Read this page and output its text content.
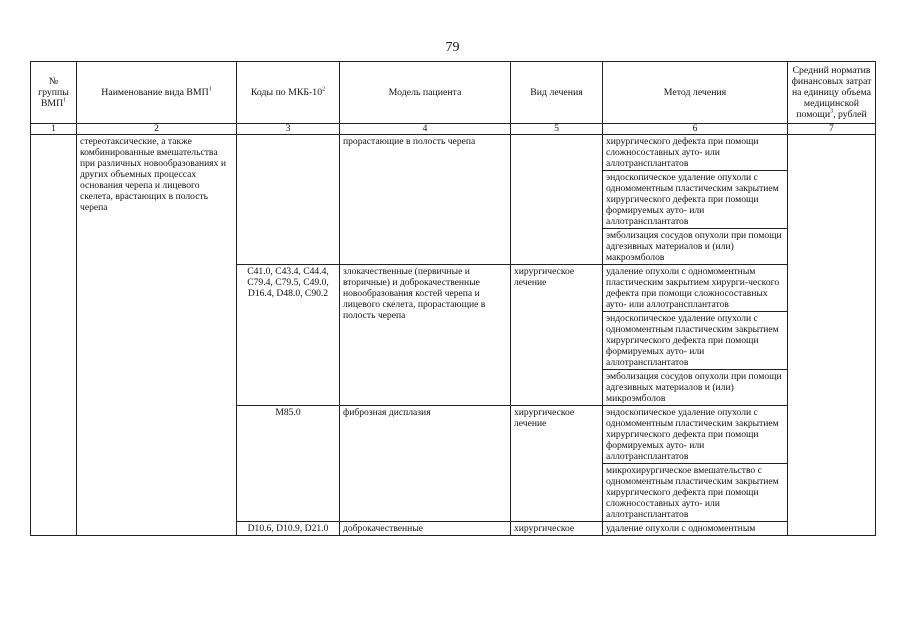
79
№ группы ВМП$^1$	Наименование вида ВМП$^1$	Коды по МКБ-$10^2$	Модель пациента	Вид лечения	Метод лечения	Средний норматив финансовых затрат на единицу объема медицинской помощи$^3$, рублей
1	2	3	4	5	6	7
	стереотаксические, а также комбинированные вмешательства при различных новообразованиях и других объемных процессах основания черепа и лицевого скелета, врастающих в полость черепа		прорастающие в полость черепа		хирургического дефекта при помощи сложносоставных ауто- или аллотрансплантатов	
					эндоскопическое удаление опухоли с одномоментным пластическим закрытием хирургического дефекта при помощи формируемых ауто- или аллотрансплантатов	
					эмболизация сосудов опухоли при помощи адгезивных материалов и (или) макроэмболов	
		C41.0, C43.4, C44.4, C79.4, C79.5, C49.0, D16.4, D48.0, C90.2	злокачественные (первичные и вторичные) и доброкачественные новообразования костей черепа и лицевого скелета, прорастающие в полость черепа	хирургическое лечение	удаление опухоли с одномоментным пластическим закрытием хирурги-ческого дефекта при помощи сложносоставных ауто- или аллотрансплантатов	
					эндоскопическое удаление опухоли с одномоментным пластическим закрытием хирургического дефекта при помощи формируемых ауто- или аллотрансплантатов	
					эмболизация сосудов опухоли при помощи адгезивных материалов и (или) микроэмболов	
		M85.0	фиброзная дисплазия	хирургическое лечение	эндоскопическое удаление опухоли с одномоментным пластическим закрытием хирургического дефекта при помощи формируемых ауто- или аллотрансплантатов	
					микрохирургическое вмешательство с одномоментным пластическим закрытием хирургического дефекта при помощи сложносоставных ауто- или аллотрансплантатов	
		D10.6, D10.9, D21.0	доброкачественные	хирургическое	удаление опухоли с одномоментным	
